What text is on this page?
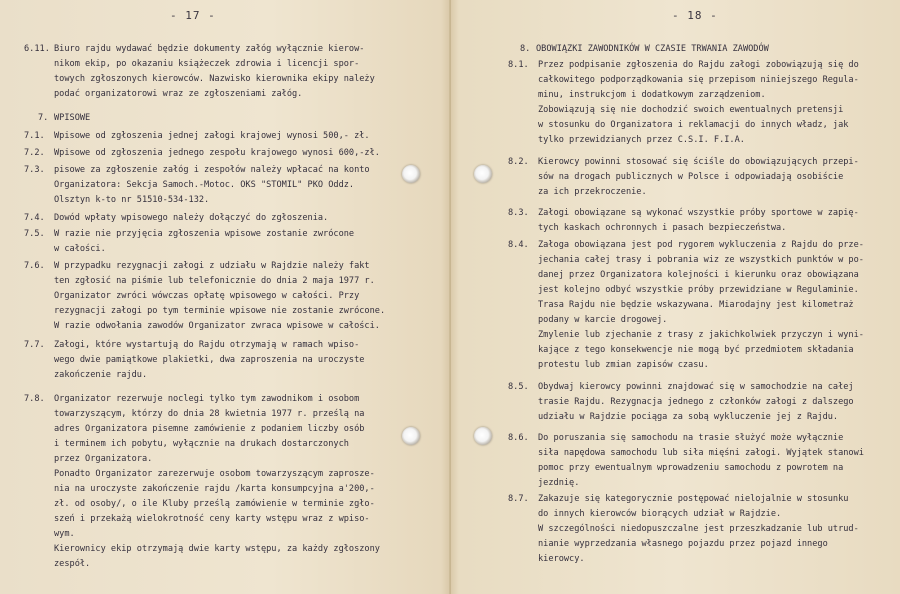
- 17 -
6.11. Biuro rajdu wydawać będzie dokumenty załóg wyłącznie kierow-
nikom ekip, po okazaniu książeczek zdrowia i licencji spor-
towych zgłoszonych kierowców. Nazwisko kierownika ekipy należy
podać organizatorowi wraz ze zgłoszeniami załóg.
7. WPISOWE
7.1. Wpisowe od zgłoszenia jednej załogi krajowej wynosi 500,- zł.
7.2. Wpisowe od zgłoszenia jednego zespołu krajowego wynosi 600,-zł.
7.3. pisowe za zgłoszenie załóg i zespołów należy wpłacać na konto
Organizatora: Sekcja Samoch.-Motoc. OKS "STOMIL" PKO Oddz.
Olsztyn k-to nr 51510-534-132.
7.4. Dowód wpłaty wpisowego należy dołączyć do zgłoszenia.
7.5. W razie nie przyjęcia zgłoszenia wpisowe zostanie zwrócone
w całości.
7.6. W przypadku rezygnacji załogi z udziału w Rajdzie należy fakt
ten zgłosić na piśmie lub telefonicznie do dnia 2 maja 1977 r.
Organizator zwróci wówczas opłatę wpisowego w całości. Przy
rezygnacji załogi po tym terminie wpisowe nie zostanie zwrócone.
W razie odwołania zawodów Organizator zwraca wpisowe w całości.
7.7. Załogi, które wystartują do Rajdu otrzymają w ramach wpiso-
wego dwie pamiątkowe plakietki, dwa zaproszenia na uroczyste
zakończenie rajdu.
7.8. Organizator rezerwuje noclegi tylko tym zawodnikom i osobom
towarzyszącym, którzy do dnia 28 kwietnia 1977 r. prześlą na
adres Organizatora pisemne zamówienie z podaniem liczby osób
i terminem ich pobytu, wyłącznie na drukach dostarczonych
przez Organizatora.
Ponadto Organizator zarezerwuje osobom towarzyszącym zaprosze-
nia na uroczyste zakończenie rajdu /karta konsumpcyjna a'200,-
zł. od osoby/, o ile Kluby prześlą zamówienie w terminie zgło-
szeń i przekażą wielokrotność ceny karty wstępu wraz z wpiso-
wym.
Kierownicy ekip otrzymają dwie karty wstępu, za każdy zgłoszony
zespół.
- 18 -
8. OBOWIĄZKI ZAWODNIKÓW W CZASIE TRWANIA ZAWODÓW
8.1. Przez podpisanie zgłoszenia do Rajdu załogi zobowiązują się do
całkowitego podporządkowania się przepisom niniejszego Regula-
minu, instrukcjom i dodatkowym zarządzeniom.
Zobowiązują się nie dochodzić swoich ewentualnych pretensji
w stosunku do Organizatora i reklamacji do innych władz, jak
tylko przewidzianych przez C.S.I. F.I.A.
8.2. Kierowcy powinni stosować się ściśle do obowiązujących przepi-
sów na drogach publicznych w Polsce i odpowiadają osobiście
za ich przekroczenie.
8.3. Załogi obowiązane są wykonać wszystkie próby sportowe w zapię-
tych kaskach ochronnych i pasach bezpieczeństwa.
8.4. Załoga obowiązana jest pod rygorem wykluczenia z Rajdu do prze-
jechania całej trasy i pobrania wiz ze wszystkich punktów w po-
danej przez Organizatora kolejności i kierunku oraz obowiązana
jest kolejno odbyć wszystkie próby przewidziane w Regulaminie.
Trasa Rajdu nie będzie wskazywana. Miarodajny jest kilometraż
podany w karcie drogowej.
Zmylenie lub zjechanie z trasy z jakichkolwiek przyczyn i wyni-
kające z tego konsekwencje nie mogą być przedmiotem składania
protestu lub zmian zapisów czasu.
8.5. Obydwaj kierowcy powinni znajdować się w samochodzie na całej
trasie Rajdu. Rezygnacja jednego z członków załogi z dalszego
udziału w Rajdzie pociąga za sobą wykluczenie jej z Rajdu.
8.6. Do poruszania się samochodu na trasie służyć może wyłącznie
siła napędowa samochodu lub siła mięśni załogi. Wyjątek stanowi
pomoc przy ewentualnym wprowadzeniu samochodu z powrotem na
jezdnię.
8.7. Zakazuje się kategorycznie postępować nielojalnie w stosunku
do innych kierowców biorących udział w Rajdzie.
W szczególności niedopuszczalne jest przeszkadzanie lub utrud-
nianie wyprzedzania własnego pojazdu przez pojazd innego
kierowcy.
